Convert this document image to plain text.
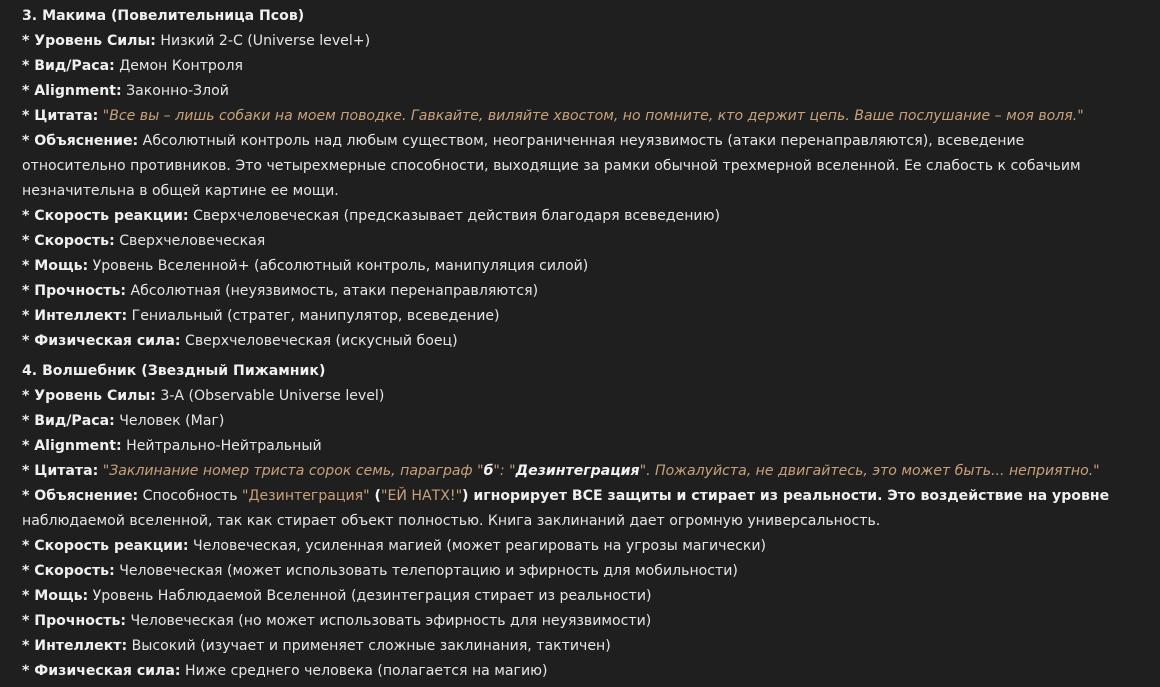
3. Макима (Повелительница Псов)
* Уровень Силы: Низкий 2-C (Universe level+)
* Вид/Раса: Демон Контроля
* Alignment: Законно-Злой
* Цитата: "Все вы – лишь собаки на моем поводке. Гавкайте, виляйте хвостом, но помните, кто держит цепь. Ваше послушание – моя воля."
* Объяснение: Абсолютный контроль над любым существом, неограниченная неуязвимость (атаки перенаправляются), всеведение
относительно противников. Это четырехмерные способности, выходящие за рамки обычной трехмерной вселенной. Ее слабость к собачьим
незначительна в общей картине ее мощи.
* Скорость реакции: Сверхчеловеческая (предсказывает действия благодаря всеведению)
* Скорость: Сверхчеловеческая
* Мощь: Уровень Вселенной+ (абсолютный контроль, манипуляция силой)
* Прочность: Абсолютная (неуязвимость, атаки перенаправляются)
* Интеллект: Гениальный (стратег, манипулятор, всеведение)
* Физическая сила: Сверхчеловеческая (искусный боец)
4. Волшебник (Звездный Пижамник)
* Уровень Силы: 3-A (Observable Universe level)
* Вид/Раса: Человек (Маг)
* Alignment: Нейтрально-Нейтральный
* Цитата: "Заклинание номер триста сорок семь, параграф "б": "Дезинтеграция". Пожалуйста, не двигайтесь, это может быть... неприятно."
* Объяснение: Способность "Дезинтеграция" ("ЕЙ НАТХ!") игнорирует ВСЕ защиты и стирает из реальности. Это воздействие на уровне
наблюдаемой вселенной, так как стирает объект полностью. Книга заклинаний дает огромную универсальность.
* Скорость реакции: Человеческая, усиленная магией (может реагировать на угрозы магически)
* Скорость: Человеческая (может использовать телепортацию и эфирность для мобильности)
* Мощь: Уровень Наблюдаемой Вселенной (дезинтеграция стирает из реальности)
* Прочность: Человеческая (но может использовать эфирность для неуязвимости)
* Интеллект: Высокий (изучает и применяет сложные заклинания, тактичен)
* Физическая сила: Ниже среднего человека (полагается на магию)
